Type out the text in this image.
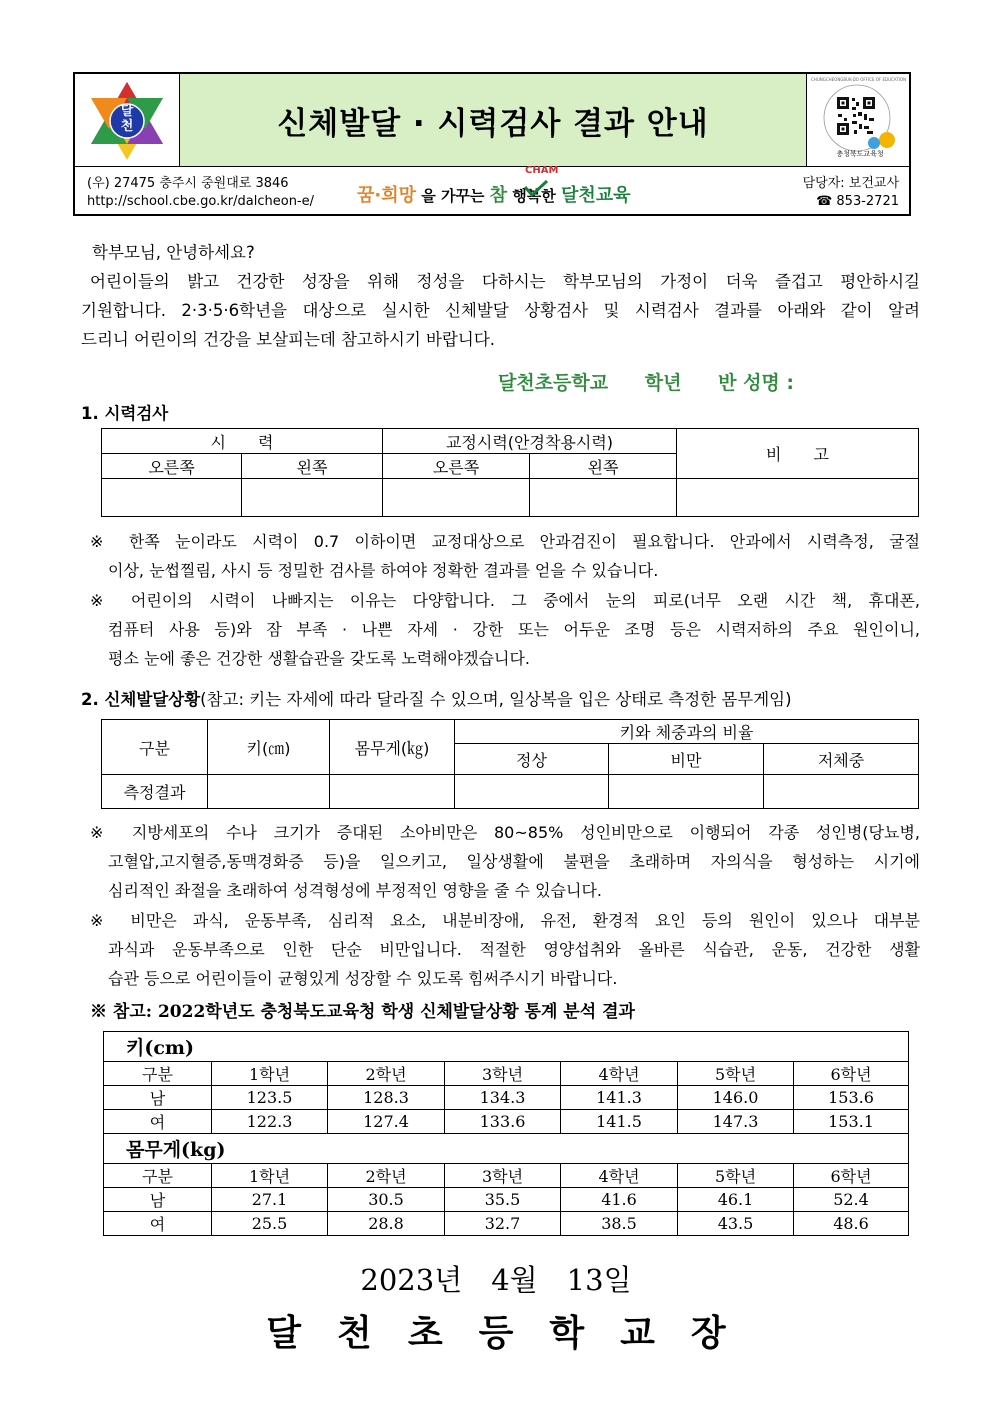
달천	신체발달 · 시력검사 결과 안내
충청북도교육청
CHUNGCHEONGBUK-DO OFFICE OF EDUCATION
(우) 27475 충주시 중원대로 3846
http://school.cbe.go.kr/dalcheon-e/ 꿈·희망 을 가꾸는 참 행복한 달천교육
CHAM
담당자: 보건교사
☎ 853-2721
학부모님, 안녕하세요?
어린이들의 밝고 건강한 성장을 위해 정성을 다하시는 학부모님의 가정이 더욱 즐겁고 평안하시길
기원합니다. 2·3·5·6학년을 대상으로 실시한 신체발달 상황검사 및 시력검사 결과를 아래와 같이 알려
드리니 어린이의 건강을 보살피는데 참고하시기 바랍니다.
달천초등학교 학년 반 성명 :
1. 시력검사
시　　력		교정시력(안경착용시력)		비　　고
오른쪽	왼쪽	오른쪽	왼쪽	

※ 한쪽 눈이라도 시력이 0.7 이하이면 교정대상으로 안과검진이 필요합니다. 안과에서 시력측정, 굴절
이상, 눈썹찔림, 사시 등 정밀한 검사를 하여야 정확한 결과를 얻을 수 있습니다.
※ 어린이의 시력이 나빠지는 이유는 다양합니다. 그 중에서 눈의 피로(너무 오랜 시간 책, 휴대폰,
컴퓨터 사용 등)와 잠 부족 · 나쁜 자세 · 강한 또는 어두운 조명 등은 시력저하의 주요 원인이니,
평소 눈에 좋은 건강한 생활습관을 갖도록 노력해야겠습니다.
2. 신체발달상황(참고: 키는 자세에 따라 달라질 수 있으며, 일상복을 입은 상태로 측정한 몸무게임)
구분	키(㎝)	몸무게(㎏)	키와 체중과의 비율		
			정상	비만	저체중
측정결과					
※ 지방세포의 수나 크기가 증대된 소아비만은 80~85% 성인비만으로 이행되어 각종 성인병(당뇨병,
고혈압,고지혈증,동맥경화증 등)을 일으키고, 일상생활에 불편을 초래하며 자의식을 형성하는 시기에
심리적인 좌절을 초래하여 성격형성에 부정적인 영향을 줄 수 있습니다.
※ 비만은 과식, 운동부족, 심리적 요소, 내분비장애, 유전, 환경적 요인 등의 원인이 있으나 대부분
과식과 운동부족으로 인한 단순 비만입니다. 적절한 영양섭취와 올바른 식습관, 운동, 건강한 생활
습관 등으로 어린이들이 균형있게 성장할 수 있도록 힘써주시기 바랍니다.
※ 참고: 2022학년도 충청북도교육청 학생 신체발달상황 통계 분석 결과
키(cm)						
구분	1학년	2학년	3학년	4학년	5학년	6학년
남	123.5	128.3	134.3	141.3	146.0	153.6
여	122.3	127.4	133.6	141.5	147.3	153.1
몸무게(kg)						
구분	1학년	2학년	3학년	4학년	5학년	6학년
남	27.1	30.5	35.5	41.6	46.1	52.4
여	25.5	28.8	32.7	38.5	43.5	48.6
2023년　4월　13일
달　천　초　등　학　교　장
